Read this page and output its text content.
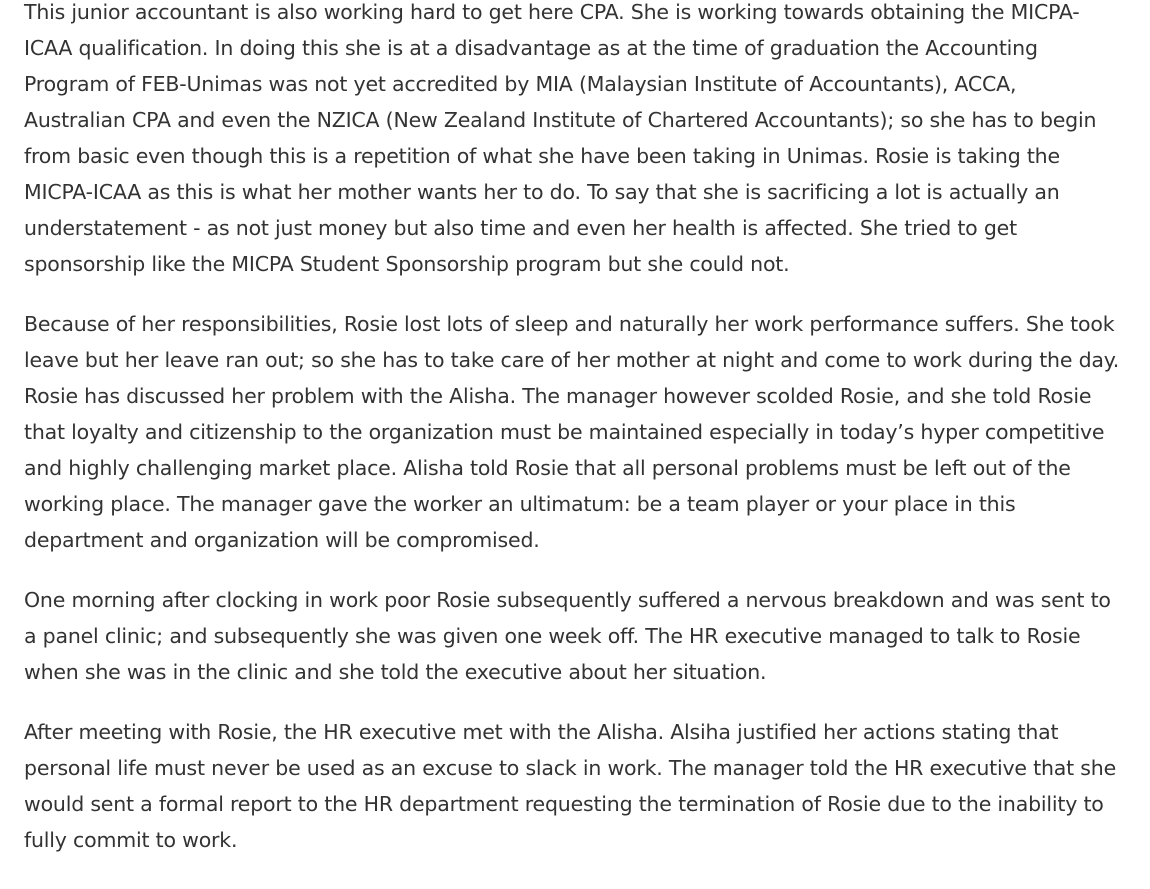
This junior accountant is also working hard to get here CPA. She is working towards obtaining the MICPA-ICAA qualification. In doing this she is at a disadvantage as at the time of graduation the Accounting Program of FEB-Unimas was not yet accredited by MIA (Malaysian Institute of Accountants), ACCA, Australian CPA and even the NZICA (New Zealand Institute of Chartered Accountants); so she has to begin from basic even though this is a repetition of what she have been taking in Unimas. Rosie is taking the MICPA-ICAA as this is what her mother wants her to do. To say that she is sacrificing a lot is actually an understatement - as not just money but also time and even her health is affected. She tried to get sponsorship like the MICPA Student Sponsorship program but she could not.

Because of her responsibilities, Rosie lost lots of sleep and naturally her work performance suffers. She took leave but her leave ran out; so she has to take care of her mother at night and come to work during the day. Rosie has discussed her problem with the Alisha. The manager however scolded Rosie, and she told Rosie that loyalty and citizenship to the organization must be maintained especially in today’s hyper competitive and highly challenging market place. Alisha told Rosie that all personal problems must be left out of the working place. The manager gave the worker an ultimatum: be a team player or your place in this department and organization will be compromised.

One morning after clocking in work poor Rosie subsequently suffered a nervous breakdown and was sent to a panel clinic; and subsequently she was given one week off. The HR executive managed to talk to Rosie when she was in the clinic and she told the executive about her situation.

After meeting with Rosie, the HR executive met with the Alisha. Alsiha justified her actions stating that personal life must never be used as an excuse to slack in work. The manager told the HR executive that she would sent a formal report to the HR department requesting the termination of Rosie due to the inability to fully commit to work.
